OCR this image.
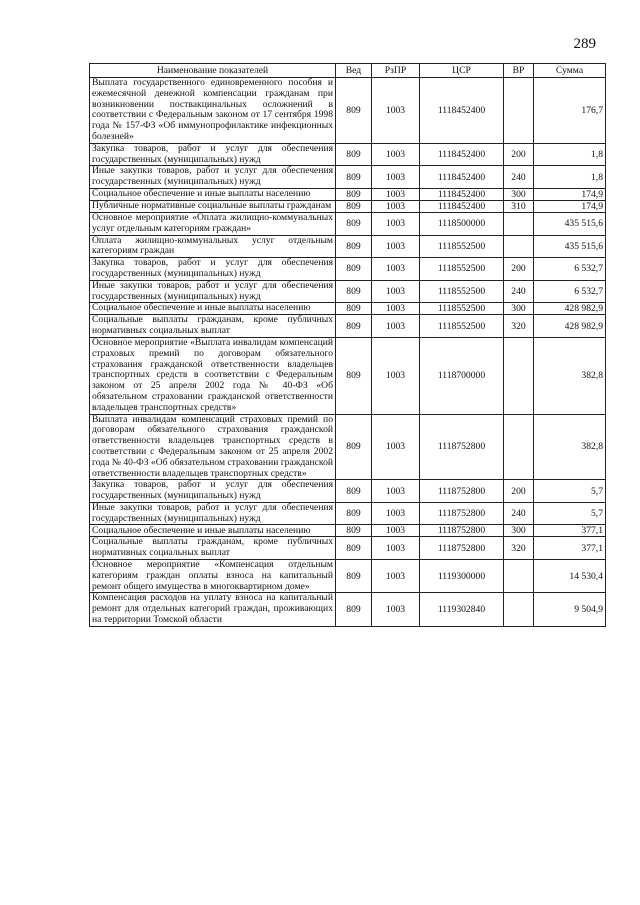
289
Наименование показателей	Вед	РзПР	ЦСР	ВР	Сумма
Выплата государственного единовременного пособия и ежемесячной денежной компенсации гражданам при возникновении поствакцинальных осложнений в соответствии с Федеральным законом от 17 сентября 1998 года № 157-ФЗ «Об иммунопрофилактике инфекционных болезней»	809	1003	1118452400		176,7
Закупка товаров, работ и услуг для обеспечения государственных (муниципальных) нужд	809	1003	1118452400	200	1,8
Иные закупки товаров, работ и услуг для обеспечения государственных (муниципальных) нужд	809	1003	1118452400	240	1,8
Социальное обеспечение и иные выплаты населению	809	1003	1118452400	300	174,9
Публичные нормативные социальные выплаты гражданам	809	1003	1118452400	310	174,9
Основное мероприятие «Оплата жилищно-коммунальных услуг отдельным категориям граждан»	809	1003	1118500000		435 515,6
Оплата жилищно-коммунальных услуг отдельным категориям граждан	809	1003	1118552500		435 515,6
Закупка товаров, работ и услуг для обеспечения государственных (муниципальных) нужд	809	1003	1118552500	200	6 532,7
Иные закупки товаров, работ и услуг для обеспечения государственных (муниципальных) нужд	809	1003	1118552500	240	6 532,7
Социальное обеспечение и иные выплаты населению	809	1003	1118552500	300	428 982,9
Социальные выплаты гражданам, кроме публичных нормативных социальных выплат	809	1003	1118552500	320	428 982,9
Основное мероприятие «Выплата инвалидам компенсаций страховых премий по договорам обязательного страхования гражданской ответственности владельцев транспортных средств в соответствии с Федеральным законом от 25 апреля 2002 года № 40-ФЗ «Об обязательном страховании гражданской ответственности владельцев транспортных средств»	809	1003	1118700000		382,8
Выплата инвалидам компенсаций страховых премий по договорам обязательного страхования гражданской ответственности владельцев транспортных средств в соответствии с Федеральным законом от 25 апреля 2002 года № 40-ФЗ «Об обязательном страховании гражданской ответственности владельцев транспортных средств»	809	1003	1118752800		382,8
Закупка товаров, работ и услуг для обеспечения государственных (муниципальных) нужд	809	1003	1118752800	200	5,7
Иные закупки товаров, работ и услуг для обеспечения государственных (муниципальных) нужд	809	1003	1118752800	240	5,7
Социальное обеспечение и иные выплаты населению	809	1003	1118752800	300	377,1
Социальные выплаты гражданам, кроме публичных нормативных социальных выплат	809	1003	1118752800	320	377,1
Основное мероприятие «Компенсация отдельным категориям граждан оплаты взноса на капитальный ремонт общего имущества в многоквартирном доме»	809	1003	1119300000		14 530,4
Компенсация расходов на уплату взноса на капитальный ремонт для отдельных категорий граждан, проживающих на территории Томской области	809	1003	1119302840		9 504,9
